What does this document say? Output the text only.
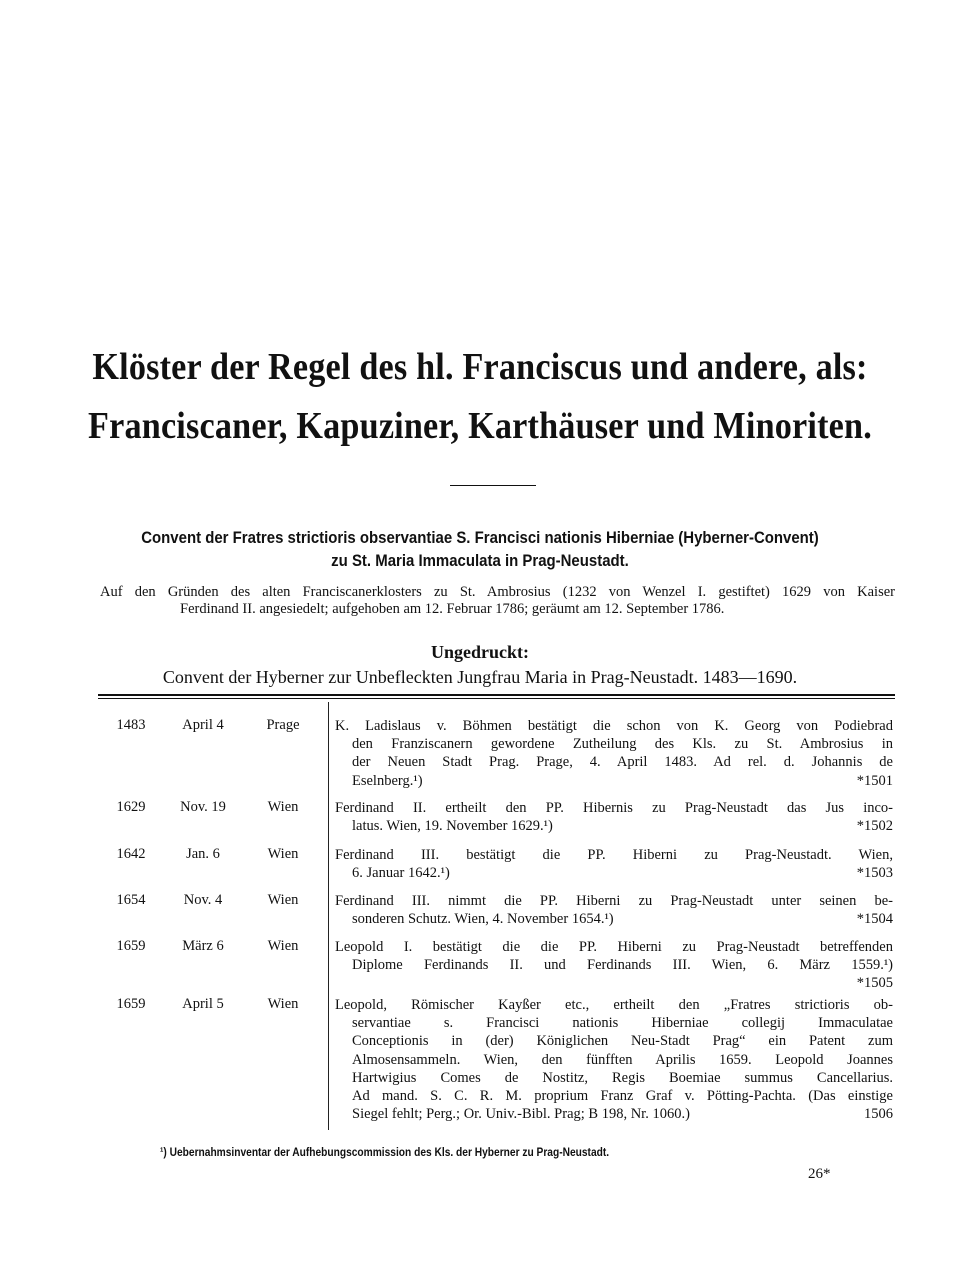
Klöster der Regel des hl. Franciscus und andere, als:
Franciscaner, Kapuziner, Karthäuser und Minoriten.
Convent der Fratres strictioris observantiae S. Francisci nationis Hiberniae (Hyberner-Convent)
zu St. Maria Immaculata in Prag-Neustadt.
Auf den Gründen des alten Franciscanerklosters zu St. Ambrosius (1232 von Wenzel I. gestiftet) 1629 von Kaiser
Ferdinand II. angesiedelt; aufgehoben am 12. Februar 1786; geräumt am 12. September 1786.
Ungedruckt:
Convent der Hyberner zur Unbefleckten Jungfrau Maria in Prag-Neustadt. 1483—1690.
1483	April 4	Prage	K. Ladislaus v. Böhmen bestätigt die schon von K. Georg von Podiebrad
den Franziscanern gewordene Zutheilung des Kls. zu St. Ambrosius in
der Neuen Stadt Prag. Prage, 4. April 1483. Ad rel. d. Johannis de
Eselnberg.¹)	*1501
1629	Nov. 19	Wien	Ferdinand II. ertheilt den PP. Hibernis zu Prag-Neustadt das Jus inco-
latus. Wien, 19. November 1629.¹)	*1502
1642	Jan. 6	Wien	Ferdinand III. bestätigt die PP. Hiberni zu Prag-Neustadt. Wien,
6. Januar 1642.¹)	*1503
1654	Nov. 4	Wien	Ferdinand III. nimmt die PP. Hiberni zu Prag-Neustadt unter seinen be-
sonderen Schutz. Wien, 4. November 1654.¹)	*1504
1659	März 6	Wien	Leopold I. bestätigt die die PP. Hiberni zu Prag-Neustadt betreffenden
Diplome Ferdinands II. und Ferdinands III. Wien, 6. März 1559.¹)
*1505
1659	April 5	Wien	Leopold, Römischer Kayßer etc., ertheilt den „Fratres strictioris ob-
servantiae s. Francisci nationis Hiberniae collegij Immaculatae
Conceptionis in (der) Königlichen Neu-Stadt Prag“ ein Patent zum
Almosensammeln. Wien, den fünfften Aprilis 1659. Leopold Joannes
Hartwigius Comes de Nostitz, Regis Boemiae summus Cancellarius.
Ad mand. S. C. R. M. proprium Franz Graf v. Pötting-Pachta. (Das einstige
Siegel fehlt; Perg.; Or. Univ.-Bibl. Prag; B 198, Nr. 1060.)	1506
¹) Uebernahmsinventar der Aufhebungscommission des Kls. der Hyberner zu Prag-Neustadt.
26*
